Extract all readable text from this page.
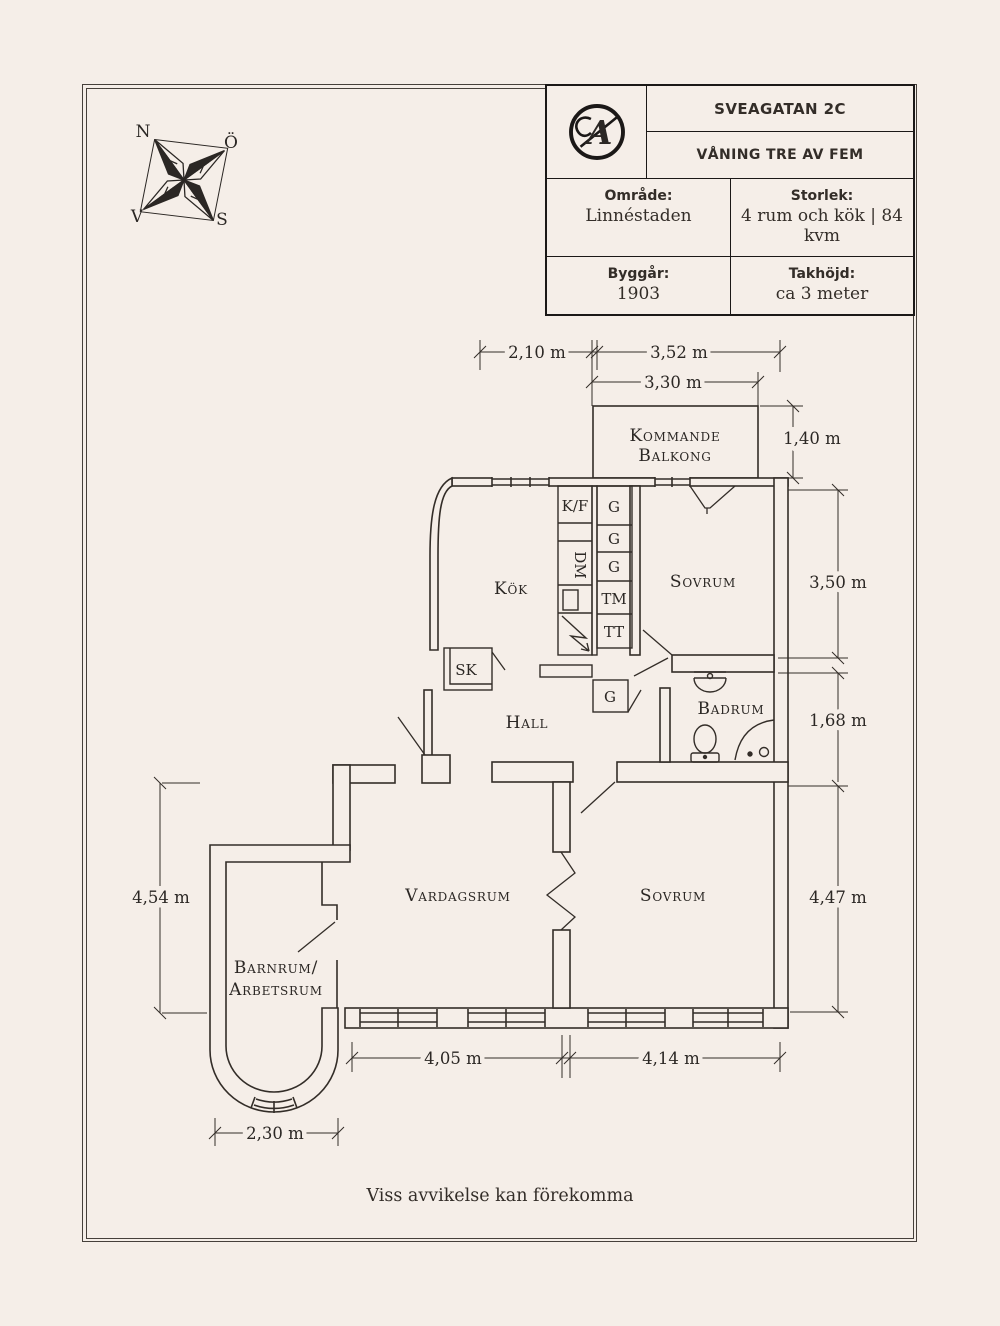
N
Ö
V	S
Kommande
Balkong
Kök	Sovrum
Badrum
Hall
Vardagsrum	Sovrum
Barnrum/
Arbetsrum
K/F
DM
G
G
G
TM
TT
G
SK
2,10 m	3,52 m
3,30 m
1,40 m
3,50 m
1,68 m
4,54 m	4,47 m
4,05 m	4,14 m
2,30 m
A
SVEAGATAN 2C
VÅNING TRE AV FEM
Område:
Linnéstaden
Storlek:
4 rum och kök | 84 kvm
Byggår:
1903
Takhöjd:
ca 3 meter
Viss avvikelse kan förekomma
